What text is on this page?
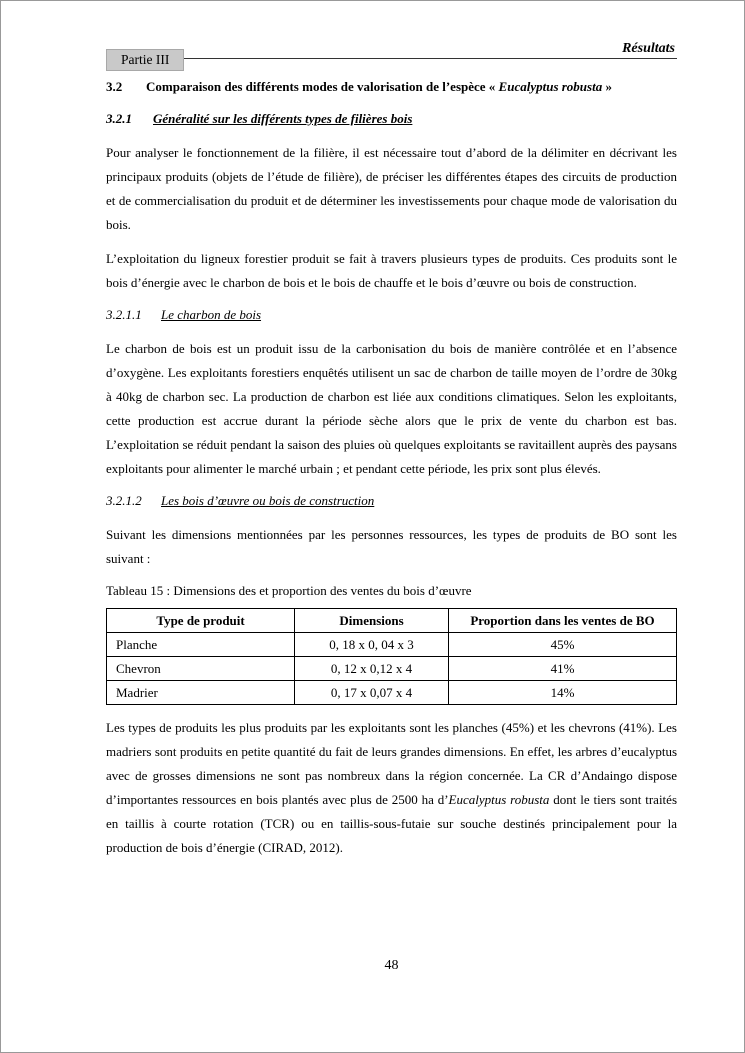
Résultats
Partie III
3.2 Comparaison des différents modes de valorisation de l’espèce « Eucalyptus robusta »
3.2.1 Généralité sur les différents types de filières bois

Pour analyser le fonctionnement de la filière, il est nécessaire tout d’abord de la délimiter en décrivant les principaux produits (objets de l’étude de filière), de préciser les différentes étapes des circuits de production et de commercialisation du produit et de déterminer les investissements pour chaque mode de valorisation du bois.

L’exploitation du ligneux forestier produit se fait à travers plusieurs types de produits. Ces produits sont le bois d’énergie avec le charbon de bois et le bois de chauffe et le bois d’œuvre ou bois de construction.

3.2.1.1 Le charbon de bois

Le charbon de bois est un produit issu de la carbonisation du bois de manière contrôlée et en l’absence d’oxygène. Les exploitants forestiers enquêtés utilisent un sac de charbon de taille moyen de l’ordre de 30kg à 40kg de charbon sec. La production de charbon est liée aux conditions climatiques. Selon les exploitants, cette production est accrue durant la période sèche alors que le prix de vente du charbon est bas. L’exploitation se réduit pendant la saison des pluies où quelques exploitants se ravitaillent auprès des paysans exploitants pour alimenter le marché urbain ; et pendant cette période, les prix sont plus élevés.

3.2.1.2 Les bois d’œuvre ou bois de construction

Suivant les dimensions mentionnées par les personnes ressources, les types de produits de BO sont les suivant :

Tableau 15 : Dimensions des et proportion des ventes du bois d’œuvre
Type de produit	Dimensions	Proportion dans les ventes de BO
Planche	0, 18 x 0, 04 x 3	45%
Chevron	0, 12 x 0,12 x 4	41%
Madrier	0, 17 x 0,07 x 4	14%

Les types de produits les plus produits par les exploitants sont les planches (45%) et les chevrons (41%). Les madriers sont produits en petite quantité du fait de leurs grandes dimensions. En effet, les arbres d’eucalyptus avec de grosses dimensions ne sont pas nombreux dans la région concernée. La CR d’Andaingo dispose d’importantes ressources en bois plantés avec plus de 2500 ha d’Eucalyptus robusta dont le tiers sont traités en taillis à courte rotation (TCR) ou en taillis-sous-futaie sur souche destinés principalement pour la production de bois d’énergie (CIRAD, 2012).

48
